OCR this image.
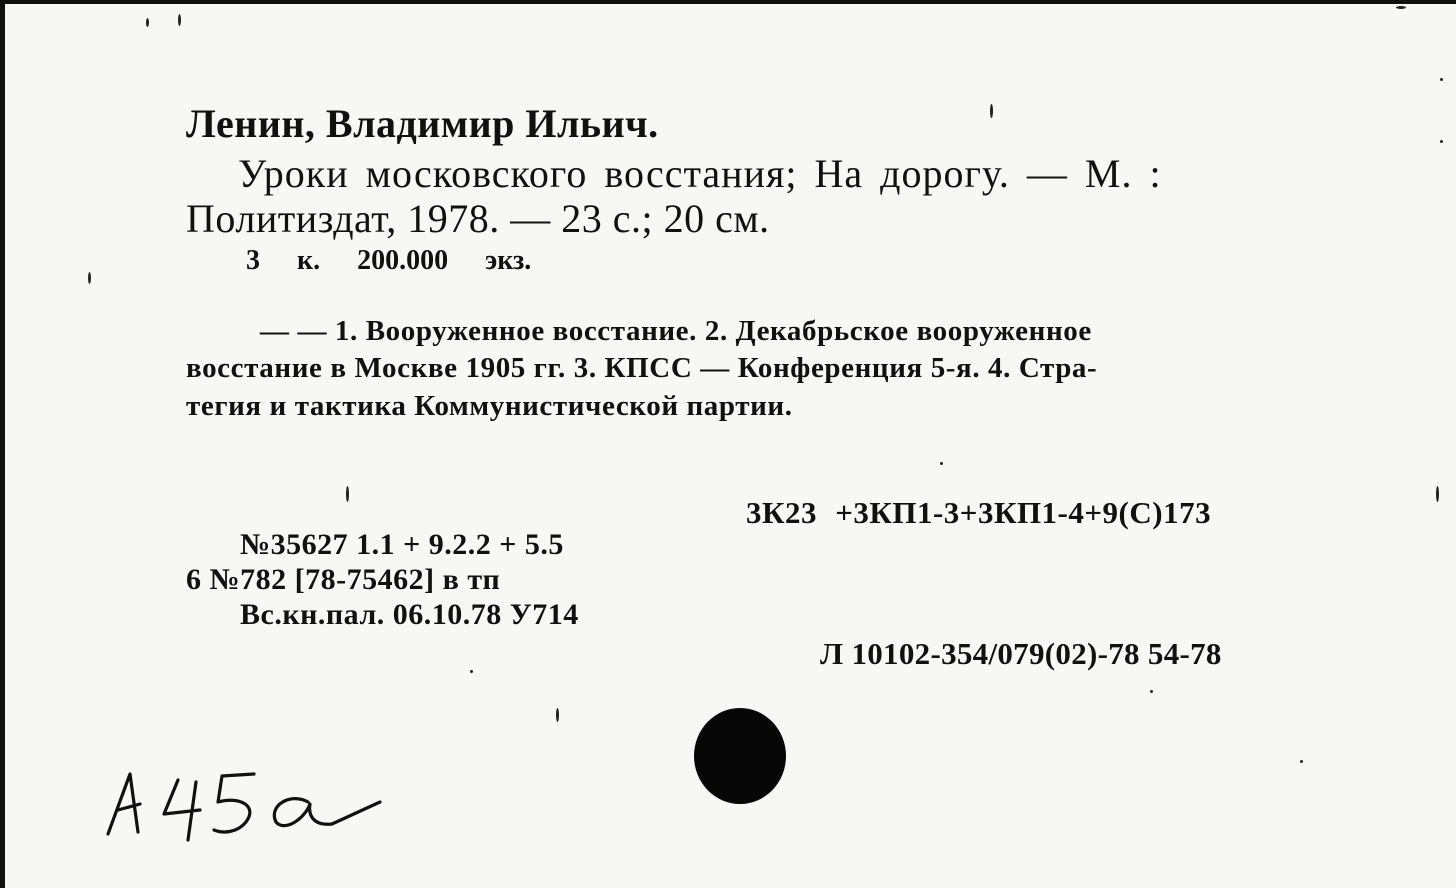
Ленин, Владимир Ильич.

Уроки московского восстания; На дорогу. — М. :

Политиздат, 1978. — 23 с.; 20 см.

3 к. 200.000 экз.

— — 1. Вооруженное восстание. 2. Декабрьское вооруженное

восстание в Москве 1905 гг. 3. КПСС — Конференция 5-я. 4. Стра-

тегия и тактика Коммунистической партии.

3К23 +3КП1-3+3КП1-4+9(С)173

№35627 1.1 + 9.2.2 + 5.5

6 №782 [78-75462] в тп

Вс.кн.пал. 06.10.78 У714

Л 10102-354/079(02)-78 54-78
